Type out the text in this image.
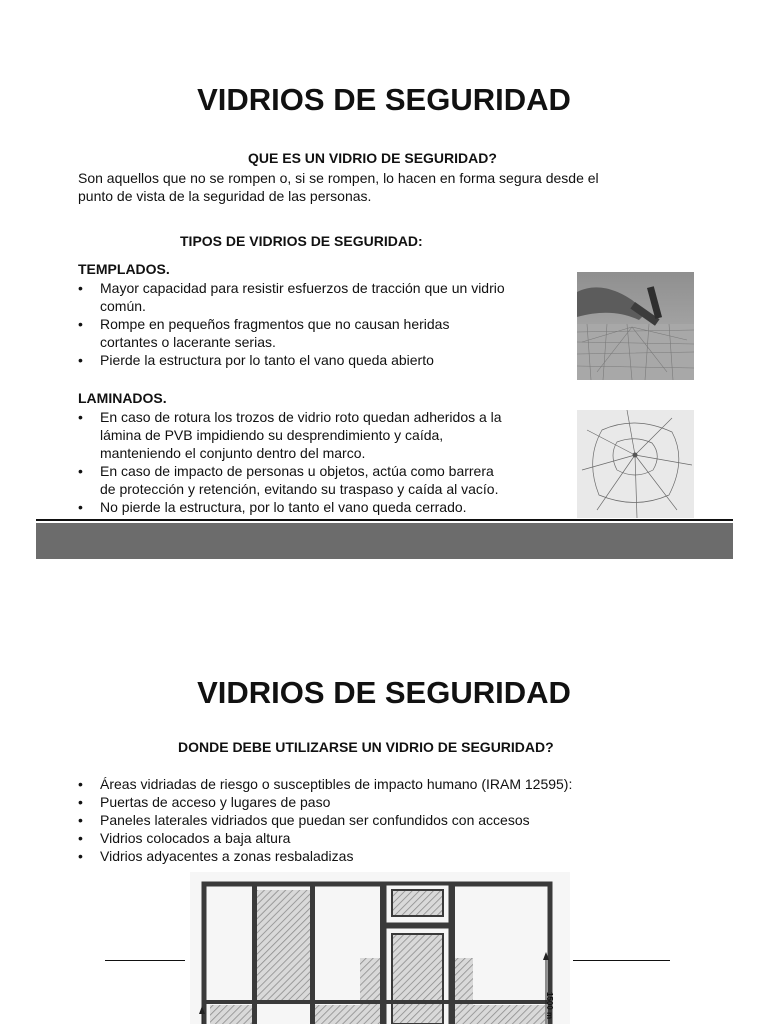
VIDRIOS DE SEGURIDAD
QUE ES UN VIDRIO DE SEGURIDAD?
Son aquellos que no se rompen o, si se rompen, lo hacen en forma segura desde el
punto de vista de la seguridad de las personas.
TIPOS DE VIDRIOS DE SEGURIDAD:
TEMPLADOS.
• Mayor capacidad para resistir esfuerzos de tracción que un vidrio
común.
• Rompe en pequeños fragmentos que no causan heridas
cortantes o lacerante serias.
• Pierde la estructura por lo tanto el vano queda abierto
LAMINADOS.
• En caso de rotura los trozos de vidrio roto quedan adheridos a la
lámina de PVB impidiendo su desprendimiento y caída,
manteniendo el conjunto dentro del marco.
• En caso de impacto de personas u objetos, actúa como barrera
de protección y retención, evitando su traspaso y caída al vacío.
• No pierde la estructura, por lo tanto el vano queda cerrado.
VIDRIOS DE SEGURIDAD
DONDE DEBE UTILIZARSE UN VIDRIO DE SEGURIDAD?
• Áreas vidriadas de riesgo o susceptibles de impacto humano (IRAM 12595):
• Puertas de acceso y lugares de paso
• Paneles laterales vidriados que puedan ser confundidos con accesos
• Vidrios colocados a baja altura
• Vidrios adyacentes a zonas resbaladizas
1500 m
